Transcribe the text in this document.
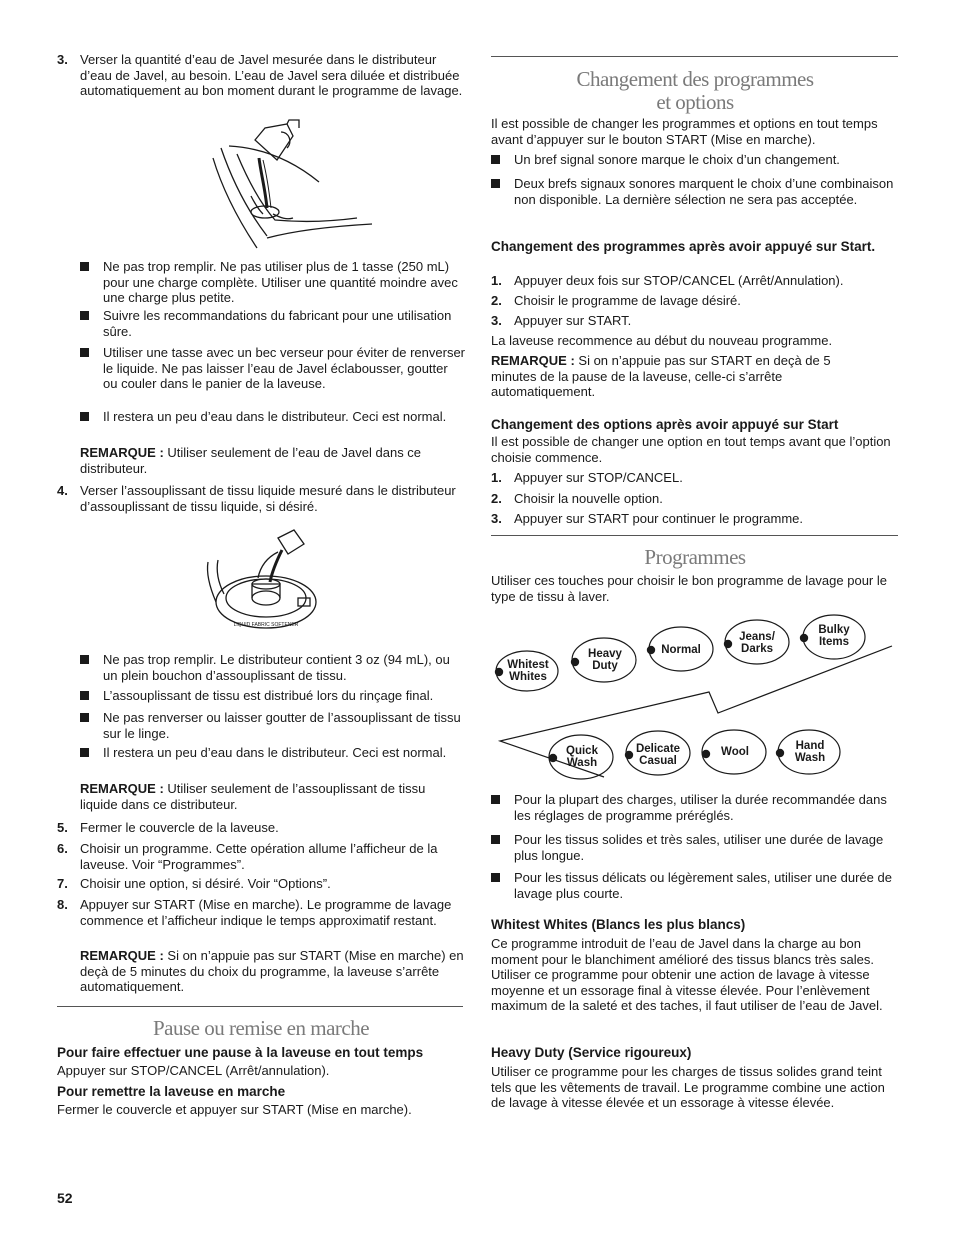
3. Verser la quantité d’eau de Javel mesurée dans le distributeur d’eau de Javel, au besoin. L’eau de Javel sera diluée et distribuée automatiquement au bon moment durant le programme de lavage.

Ne pas trop remplir. Ne pas utiliser plus de 1 tasse (250 mL) pour une charge complète. Utiliser une quantité moindre avec une charge plus petite.

Suivre les recommandations du fabricant pour une utilisation sûre.

Utiliser une tasse avec un bec verseur pour éviter de renverser le liquide. Ne pas laisser l’eau de Javel éclabousser, goutter ou couler dans le panier de la laveuse.

Il restera un peu d’eau dans le distributeur. Ceci est normal.

REMARQUE : Utiliser seulement de l’eau de Javel dans ce distributeur.

4. Verser l’assouplissant de tissu liquide mesuré dans le distributeur d’assouplissant de tissu liquide, si désiré.

LIQUID FABRIC SOFTENER

Ne pas trop remplir. Le distributeur contient 3 oz (94 mL), ou un plein bouchon d’assouplissant de tissu.

L’assouplissant de tissu est distribué lors du rinçage final.

Ne pas renverser ou laisser goutter de l’assouplissant de tissu sur le linge.

Il restera un peu d’eau dans le distributeur. Ceci est normal.

REMARQUE : Utiliser seulement de l’assouplissant de tissu liquide dans ce distributeur.

5. Fermer le couvercle de la laveuse.

6. Choisir un programme. Cette opération allume l’afficheur de la laveuse. Voir “Programmes”.

7. Choisir une option, si désiré. Voir “Options”.

8. Appuyer sur START (Mise en marche). Le programme de lavage commence et l’afficheur indique le temps approximatif restant.

REMARQUE : Si on n’appuie pas sur START (Mise en marche) en deçà de 5 minutes du choix du programme, la laveuse s’arrête automatiquement.

Pause ou remise en marche

Pour faire effectuer une pause à la laveuse en tout temps

Appuyer sur STOP/CANCEL (Arrêt/annulation).

Pour remettre la laveuse en marche

Fermer le couvercle et appuyer sur START (Mise en marche).

Changement des programmes
et options

Il est possible de changer les programmes et options en tout temps avant d’appuyer sur le bouton START (Mise en marche).

Un bref signal sonore marque le choix d’un changement.

Deux brefs signaux sonores marquent le choix d’une combinaison non disponible. La dernière sélection ne sera pas acceptée.

Changement des programmes après avoir appuyé sur Start.

1. Appuyer deux fois sur STOP/CANCEL (Arrêt/Annulation).

2. Choisir le programme de lavage désiré.

3. Appuyer sur START.

La laveuse recommence au début du nouveau programme.

REMARQUE : Si on n’appuie pas sur START en deçà de 5 minutes de la pause de la laveuse, celle-ci s’arrête automatiquement.

Changement des options après avoir appuyé sur Start

Il est possible de changer une option en tout temps avant que l’option choisie commence.

1. Appuyer sur STOP/CANCEL.

2. Choisir la nouvelle option.

3. Appuyer sur START pour continuer le programme.

Programmes

Utiliser ces touches pour choisir le bon programme de lavage pour le type de tissu à laver.

Whitest
Whites
Heavy
Duty
Normal
Jeans/
Darks
Bulky
Items
Quick
Wash
Delicate
Casual
Wool	Hand
Wash

Pour la plupart des charges, utiliser la durée recommandée dans les réglages de programme préréglés.

Pour les tissus solides et très sales, utiliser une durée de lavage plus longue.

Pour les tissus délicats ou légèrement sales, utiliser une durée de lavage plus courte.

Whitest Whites (Blancs les plus blancs)

Ce programme introduit de l’eau de Javel dans la charge au bon moment pour le blanchiment amélioré des tissus blancs très sales. Utiliser ce programme pour obtenir une action de lavage à vitesse moyenne et un essorage final à vitesse élevée. Pour l’enlèvement maximum de la saleté et des taches, il faut utiliser de l’eau de Javel.

Heavy Duty (Service rigoureux)

Utiliser ce programme pour les charges de tissus solides grand teint tels que les vêtements de travail. Le programme combine une action de lavage à vitesse élevée et un essorage à vitesse élevée.

52
